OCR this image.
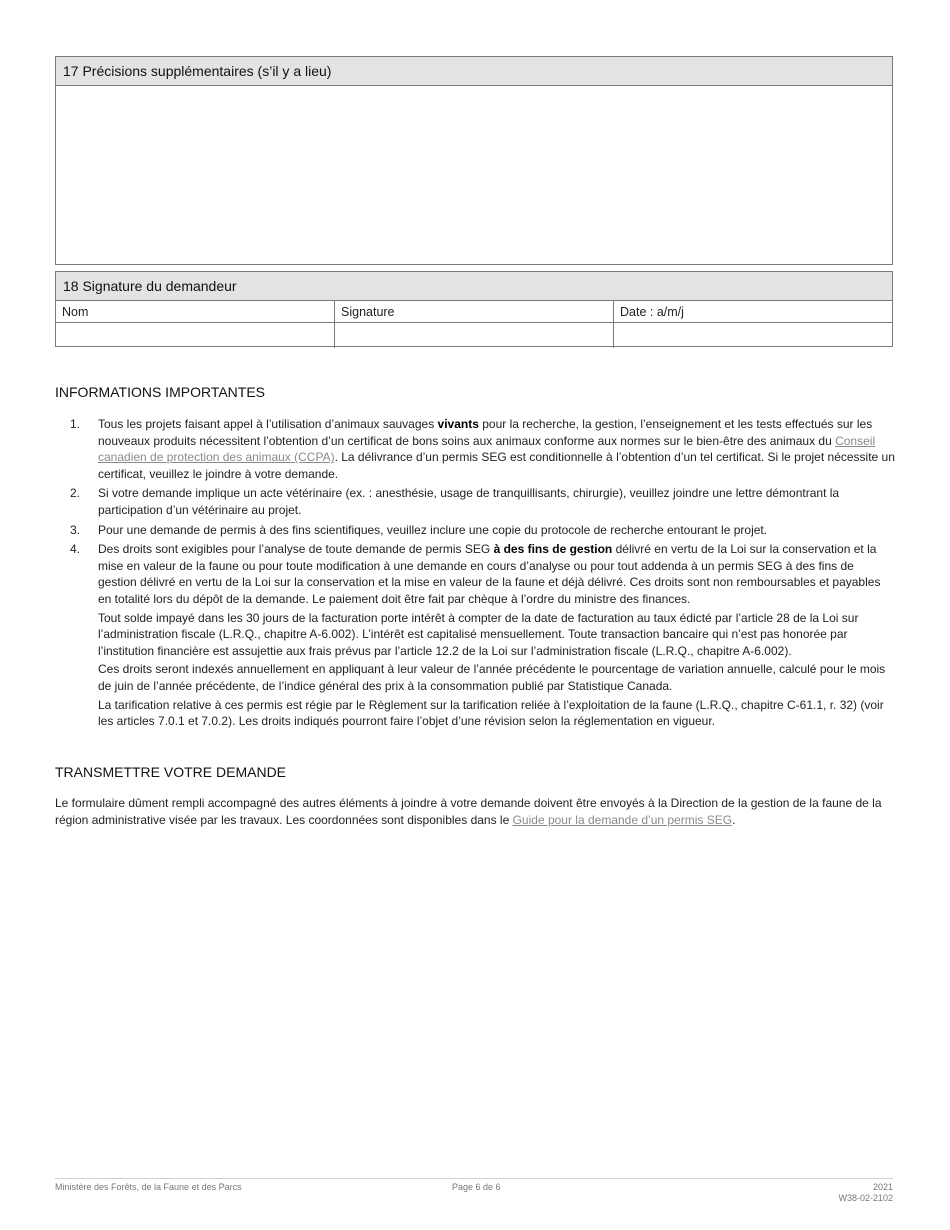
17 Précisions supplémentaires (s’il y a lieu)
18 Signature du demandeur
Nom	Signature	Date : a/m/j
INFORMATIONS IMPORTANTES
1. Tous les projets faisant appel à l’utilisation d’animaux sauvages vivants pour la recherche, la gestion, l’enseignement et les tests effectués sur les nouveaux produits nécessitent l’obtention d’un certificat de bons soins aux animaux conforme aux normes sur le bien-être des animaux du Conseil canadien de protection des animaux (CCPA). La délivrance d’un permis SEG est conditionnelle à l’obtention d’un tel certificat. Si le projet nécessite un certificat, veuillez le joindre à votre demande.

2. Si votre demande implique un acte vétérinaire (ex. : anesthésie, usage de tranquillisants, chirurgie), veuillez joindre une lettre démontrant la participation d’un vétérinaire au projet.

3. Pour une demande de permis à des fins scientifiques, veuillez inclure une copie du protocole de recherche entourant le projet.

4. Des droits sont exigibles pour l’analyse de toute demande de permis SEG à des fins de gestion délivré en vertu de la Loi sur la conservation et la mise en valeur de la faune ou pour toute modification à une demande en cours d’analyse ou pour tout addenda à un permis SEG à des fins de gestion délivré en vertu de la Loi sur la conservation et la mise en valeur de la faune et déjà délivré. Ces droits sont non remboursables et payables en totalité lors du dépôt de la demande. Le paiement doit être fait par chèque à l’ordre du ministre des finances.

Tout solde impayé dans les 30 jours de la facturation porte intérêt à compter de la date de facturation au taux édicté par l’article 28 de la Loi sur l’administration fiscale (L.R.Q., chapitre A-6.002). L’intérêt est capitalisé mensuellement. Toute transaction bancaire qui n’est pas honorée par l’institution financière est assujettie aux frais prévus par l’article 12.2 de la Loi sur l’administration fiscale (L.R.Q., chapitre A-6.002).

Ces droits seront indexés annuellement en appliquant à leur valeur de l’année précédente le pourcentage de variation annuelle, calculé pour le mois de juin de l’année précédente, de l’indice général des prix à la consommation publié par Statistique Canada.

La tarification relative à ces permis est régie par le Règlement sur la tarification reliée à l’exploitation de la faune (L.R.Q., chapitre C-61.1, r. 32) (voir les articles 7.0.1 et 7.0.2). Les droits indiqués pourront faire l’objet d’une révision selon la réglementation en vigueur.

TRANSMETTRE VOTRE DEMANDE
Le formulaire dûment rempli accompagné des autres éléments à joindre à votre demande doivent être envoyés à la Direction de la gestion de la faune de la région administrative visée par les travaux. Les coordonnées sont disponibles dans le Guide pour la demande d’un permis SEG.
Ministère des Forêts, de la Faune et des Parcs	Page 6 de 6	2021
W38-02-2102
